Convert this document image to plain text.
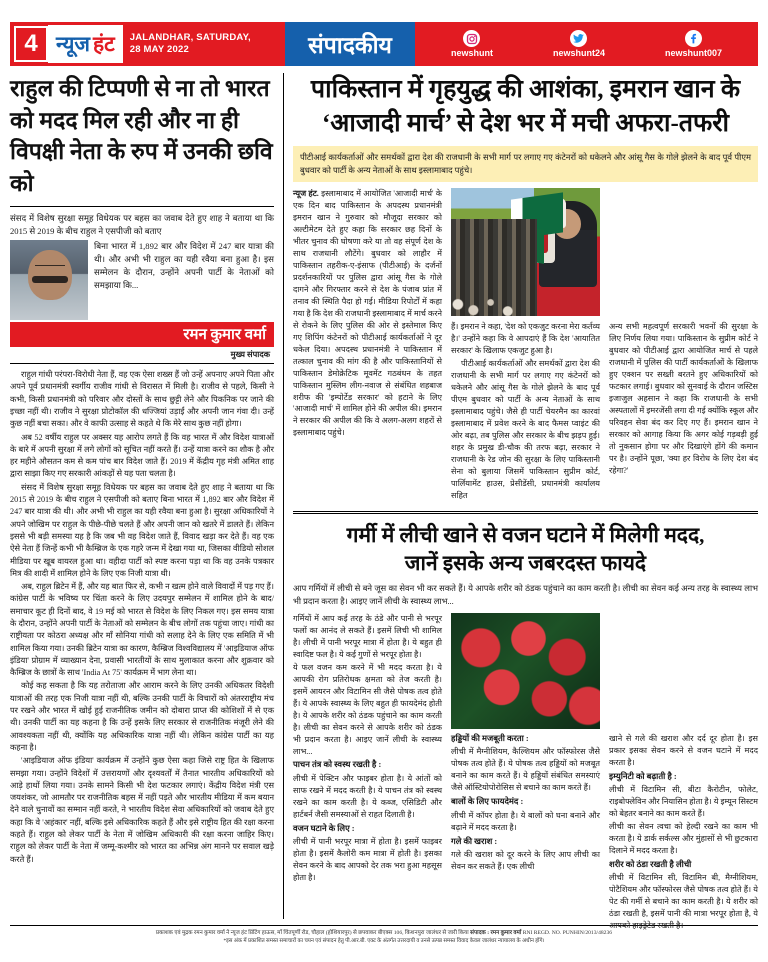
4 न्यूज हंट JALANDHAR, SATURDAY,
28 MAY 2022	संपादकीय	newshunt	newshunt24	newshunt007
राहुल की टिप्पणी से ना तो भारत को मदद मिल रही और ना ही विपक्षी नेता के रुप में उनकी छवि को
संसद में विशेष सुरक्षा समूह विधेयक पर बहस का जवाब देते हुए शाह ने बताया था कि 2015 से 2019 के बीच राहुल ने एसपीजी को बताए
बिना भारत में 1,892 बार और विदेश में 247 बार यात्रा की थी। और अभी भी राहुल का यही रवैया बना हुआ है। इस सम्मेलन के दौरान, उन्होंने अपनी पार्टी के नेताओं को समझाया कि...
रमन कुमार वर्मा
मुख्य संपादक

राहुल गांधी परंपरा-विरोधी नेता हैं, वह एक ऐसा शख्स हैं जो उन्हें अपनाए अपने पिता और अपने पूर्व प्रधानमंत्री स्वर्गीय राजीव गांधी से विरासत में मिली है। राजीव से पहले, किसी ने कभी, किसी प्रधानमंत्री को परिवार और दोस्तों के साथ छुट्टी लेने और पिकनिक पर जाने की इच्छा नहीं थी। राजीव ने सुरक्षा प्रोटोकॉल की धज्जियां उड़ाईं और अपनी जान गंवा दी। उन्हें कुछ नहीं बचा सका। और वे काफी उत्साह से कहते थे कि मेरे साथ कुछ नहीं होगा।

अब 52 वर्षीय राहुल पर अक्सर यह आरोप लगते हैं कि वह भारत में और विदेश यात्राओं के बारे में अपनी सुरक्षा में लगे लोगों को सूचित नहीं करते हैं। उन्हें यात्रा करने का शौक है और हर महीने औसतन कम से कम पांच बार विदेश जाते हैं। 2019 में केंद्रीय गृह मंत्री अमित शाह द्वारा साझा किए गए सरकारी आंकड़ों से यह पता चलता है।

संसद में विशेष सुरक्षा समूह विधेयक पर बहस का जवाब देते हुए शाह ने बताया था कि 2015 से 2019 के बीच राहुल ने एसपीजी को बताए बिना भारत में 1,892 बार और विदेश में 247 बार यात्रा की थी। और अभी भी राहुल का यही रवैया बना हुआ है। सुरक्षा अधिकारियों ने अपने जोखिम पर राहुल के पीछे-पीछे चलते हैं और अपनी जान को खतरे में डालते हैं। लेकिन इससे भी बड़ी समस्या यह है कि जब भी वह विदेश जाते हैं, विवाद खड़ा कर देते हैं। वह एक ऐसे नेता हैं जिन्हें कभी भी कैम्ब्रिज के एक गहरे जन्म में देखा गया था, जिसका वीडियो सोशल मीडिया पर खूब वायरल हुआ था। वहीदा पार्टी को स्पष्ट करना पड़ा था कि वह उनके पत्रकार मित्र की शादी में शामिल होने के लिए एक निजी यात्रा थी।

अब, राहुल ब्रिटेन में हैं, और यह बात फिर से, कभी न खत्म होने वाले विवादों में पड़ गए हैं। कांग्रेस पार्टी के भविष्य पर चिंता करने के लिए उदयपुर सम्मेलन में शामिल होने के बाद/समाचार कूट ही दिनों बाद, वे 19 मई को भारत से विदेश के लिए निकल गए। इस समय यात्रा के दौरान, उन्होंने अपनी पार्टी के नेताओं को सम्मेलन के बीच लोगों तक पहुंचा जाए। गांधी का राष्ट्रीयता पर कोठरा अध्यक्ष और माँ सोनिया गांधी को सलाह देने के लिए एक समिति में भी शामिल किया गया। उनकी ब्रिटेन यात्रा का कारण, कैम्ब्रिज विश्वविद्यालय में 'आइडियाज ऑफ इंडिया' प्रोग्राम में व्याख्यान देना, प्रवासी भारतीयों के साथ मुलाकात करना और शुक्रवार को कैम्ब्रिज के छात्रों के साथ 'India At 75' कार्यक्रम में भाग लेना था।

कोई कह सकता है कि यह तरोताजा और आराम करने के लिए उनकी अधिकतर विदेशी यात्राओं की तरह एक निजी यात्रा नहीं थी, बल्कि उनकी पार्टी के विचारों को अंतरराष्ट्रीय मंच पर रखने और भारत में खोई हुई राजनीतिक जमीन को दोबारा प्राप्त की कोशिशों में से एक थी। उनकी पार्टी का यह कहना है कि उन्हें इसके लिए सरकार से राजनीतिक मंजूरी लेने की आवश्यकता नहीं थी, क्योंकि यह अधिकारिक यात्रा नहीं थी। लेकिन कांग्रेस पार्टी का यह कहना है।

'आइडियाज ऑफ इंडिया' कार्यक्रम में उन्होंने कुछ ऐसा कहा जिसे राष्ट्र हित के खिलाफ समझा गया। उन्होंने विदेशों में उत्तरायणों और दृश्यवर्तों में तैनात भारतीय अधिकारियों को आड़े हाथों लिया गया। उनके सामने किसी भी देश फटकार लगाएं। केंद्रीय विदेश मंत्री एस जयशंकर, जो आमतौर पर राजनीतिक बहस में नहीं पड़ते और भारतीय मीडिया में कम बयान देने वाले चुनावों का सम्मान नहीं करते, ने भारतीय विदेश सेवा अधिकारियों को जवाब देते हुए कहा कि वे 'अहंकार' नहीं, बल्कि इसे अधिकारिक कहते हैं और इसे राष्ट्रीय हित की रक्षा करना कहते हैं। राहुल को लेकर पार्टी के नेता में जोखिम अधिकारी की रक्षा करना जाहिर किए। राहुल को लेकर पार्टी के नेता में जम्मू-कश्मीर को भारत का अभिन्न अंग मानने पर सवाल खड़े करते हैं।

पाकिस्तान में गृहयुद्ध की आशंका, इमरान खान के
‘आजादी मार्च’ से देश भर में मची अफरा-तफरी
पीटीआई कार्यकर्ताओं और समर्थकों द्वारा देश की राजधानी के सभी मार्ग पर लगाए गए कंटेनरों को धकेलने और आंसू गैस के गोले झेलने के बाद पूर्व पीएम बुधवार को पार्टी के अन्य नेताओं के साथ इस्लामाबाद पहुंचे।

न्यूज हंट. इस्लामाबाद में आयोजित 'आजादी मार्च' के एक दिन बाद पाकिस्तान के अपदस्थ प्रधानमंत्री इमरान खान ने गुरुवार को मौजूदा सरकार को अल्टीमेटम देते हुए कहा कि सरकार छह दिनों के भीतर चुनाव की घोषणा करे या तो वह संपूर्ण देश के साथ राजधानी लौटेंगे। बुधवार को लाहौर में पाकिस्तान तहरीक-ए-इंसाफ (पीटीआई) के दर्जनों प्रदर्शनकारियों पर पुलिस द्वारा आंसू गैस के गोले दागने और गिरफ्तार करने से देश के पंजाब प्रांत में तनाव की स्थिति पैदा हो गई। मीडिया रिपोर्टों में कहा गया है कि देश की राजधानी इस्लामाबाद में मार्च करने से रोकने के लिए पुलिस की ओर से इस्तेमाल किए गए शिपिंग कंटेनरों को पीटीआई कार्यकर्ताओं ने दूर धकेल दिया। अपदस्थ प्रधानमंत्री ने पाकिस्तान में तत्काल चुनाव की मांग की है और पाकिस्तानियों से पाकिस्तान डेमोक्रेटिक मूवमेंट गठबंधन के तहत पाकिस्तान मुस्लिम लीग-नवाज से संबंधित शहबाज शरीफ की 'इम्पोर्टेड सरकार' को हटाने के लिए 'आजादी मार्च' में शामिल होने की अपील की। इमरान ने सरकार की अपील की कि वे अलग-अलग शहरों से इस्लामाबाद पहुंचे।

हैं। इमरान ने कहा, 'देश को एकजुट करना मेरा कर्तव्य है।' उन्होंने कहा कि वे आपदाएं हैं कि देश 'आयातित सरकार' के खिलाफ एकजुट हुआ है।

पीटीआई कार्यकर्ताओं और समर्थकों द्वारा देश की राजधानी के सभी मार्ग पर लगाए गए कंटेनरों को धकेलने और आंसू गैस के गोले झेलने के बाद पूर्व पीएम बुधवार को पार्टी के अन्य नेताओं के साथ इस्लामाबाद पहुंचे। जैसे ही पार्टी चेयरमैन का कारवां इस्लामाबाद में प्रवेश करने के बाद फैमस प्वाइंट की ओर बढ़ा, तब पुलिस और सरकार के बीच झड़प हुई। शहर के प्रमुख डी-चौक की तरफ बढ़ा, सरकार ने राजधानी के रेड जोन की सुरक्षा के लिए पाकिस्तानी सेना को बुलाया जिसमें पाकिस्तान सुप्रीम कोर्ट, पार्लियामेंट हाउस, प्रेसीडेंसी, प्रधानमंत्री कार्यालय सहित

अन्य सभी महत्वपूर्ण सरकारी भवनों की सुरक्षा के लिए निर्णय लिया गया। पाकिस्तान के सुप्रीम कोर्ट ने बुधवार को पीटीआई द्वारा आयोजित मार्च से पहले राजधानी में पुलिस की पार्टी कार्यकर्ताओं के खिलाफ हुए एक्शन पर सख्ती बरतने हुए अधिकारियों को फटकार लगाई। बुधवार को सुनवाई के दौरान जस्टिस इजाजुल अहसान ने कहा कि राजधानी के सभी अस्पतालों में इमरजेंसी लगा दी गई क्योंकि स्कूल और परिवहन सेवा बंद कर दिए गए हैं। इमरान खान ने सरकार को आगाह किया कि अगर कोई गड़बड़ी हुई तो नुकसान होगा पर और दिखाएंगे होंगे की कमान पर है। उन्होंने पूछा, 'क्या हर विरोध के लिए देश बंद रहेगा?'

गर्मी में लीची खाने से वजन घटाने में मिलेगी मदद,
जानें इसके अन्य जबरदस्त फायदे
आप गर्मियों में लीची से बने जूस का सेवन भी कर सकते हैं। ये आपके शरीर को ठंडक पहुंचाने का काम करती है। लीची का सेवन कई अन्य तरह के स्वास्थ्य लाभ भी प्रदान करता है। आइए जानें लीची के स्वास्थ्य लाभ...

गर्मियों में आप कई तरह के ठंडे और पानी से भरपूर फलों का आनंद ले सकते हैं। इसमें लिची भी शामिल है। लीची में पानी भरपूर मात्रा में होता है। ये बहुत ही स्वादिष्ट फल है। ये कई गुणों से भरपूर होता है।

ये फल वजन कम करने में भी मदद करता है। ये आपकी रोग प्रतिरोधक क्षमता को तेज करती है। इसमें आयरन और विटामिन सी जैसे पोषक तत्व होते हैं। ये आपके स्वास्थ्य के लिए बहुत ही फायदेमंद होती है। ये आपके शरीर को ठंडक पहुंचाने का काम करती है। लीची का सेवन करने से आपके शरीर को ठंडक भी प्रदान करता है। आइए जानें लीची के स्वास्थ्य लाभ...

पाचन तंत्र को स्वस्थ रखती है :

लीची में पेक्टिन और फाइबर होता है। ये आंतों को साफ रखने में मदद करती है। ये पाचन तंत्र को स्वस्थ रखने का काम करती है। ये कब्ज, एसिडिटी और हार्टबर्न जैसी समस्याओं से राहत दिलाती है।

वजन घटाने के लिए :

लीची में पानी भरपूर मात्रा में होता है। इसमें फाइबर होता है। इसमें कैलोरी कम मात्रा में होती है। इसका सेवन करने के बाद आपको देर तक भरा हुआ महसूस होता है।

हड्डियों की मजबूती करता :

लीची में मैग्नीशियम, कैल्शियम और फॉस्फोरस जैसे पोषक तत्व होते हैं। ये पोषक तत्व हड्डियों को मजबूत बनाने का काम करते हैं। ये हड्डियों संबंधित समस्याएं जैसे ऑस्टियोपोरोसिस से बचाने का काम करते हैं।

बालों के लिए फायदेमंद :

लीची में कॉपर होता है। ये बालों को घना बनाने और बढ़ाने में मदद करता है।

गले की खराश :

गले की खराश को दूर करने के लिए आप लीची का सेवन कर सकते हैं। एक लीची

खाने से गले की खराश और दर्द दूर होता है। इस प्रकार इसका सेवन करने से वजन घटाने में मदद करता है।

इम्युनिटी को बढ़ाती है :

लीची में विटामिन सी, बीटा कैरोटीन, फोलेट, राइबोफ्लेविन और नियासिन होता है। ये इम्यून सिस्टम को बेहतर बनाने का काम करते हैं।

लीची का सेवन त्वचा को हेल्दी रखने का काम भी करता है। ये डार्क सर्कल्स और मुंहासों से भी छुटकारा दिलाने में मदद करता है।

शरीर को ठंडा रखती है लीची

लीची में विटामिन सी, विटामिन बी, मैग्नीशियम, पोटैशियम और फॉस्फोरस जैसे पोषक तत्व होते हैं। ये पेट की गर्मी से बचाने का काम करती है। ये शरीर को ठंडा रखती है, इसमें पानी की मात्रा भरपूर होता है, ये आपको हाइड्रेटेड रखती है।

प्रकाशक एवं मुद्रक रमन कुमार वर्मा ने न्यूज हंट प्रिंटिंग हाऊस, माँ चिंतपूर्णी रोड, चौहाल (होशियारपुर) से छपवाकर बीएक्स 106, किशनपुरा जालंधर से जारी किया संपादक : रमन कुमार वर्मा RNI REGD. NO. PUNHIN/2013/48236
*इस अंक में प्रकाशित समस्त समाचारों का चयन एवं संपादन हेतु पी.आर.बी. एक्ट के अंतर्गत उत्तरदायी व उनसे उत्पन्न समस्त विवाद केवल जालंधर न्यायालय के अधीन होंगे।
